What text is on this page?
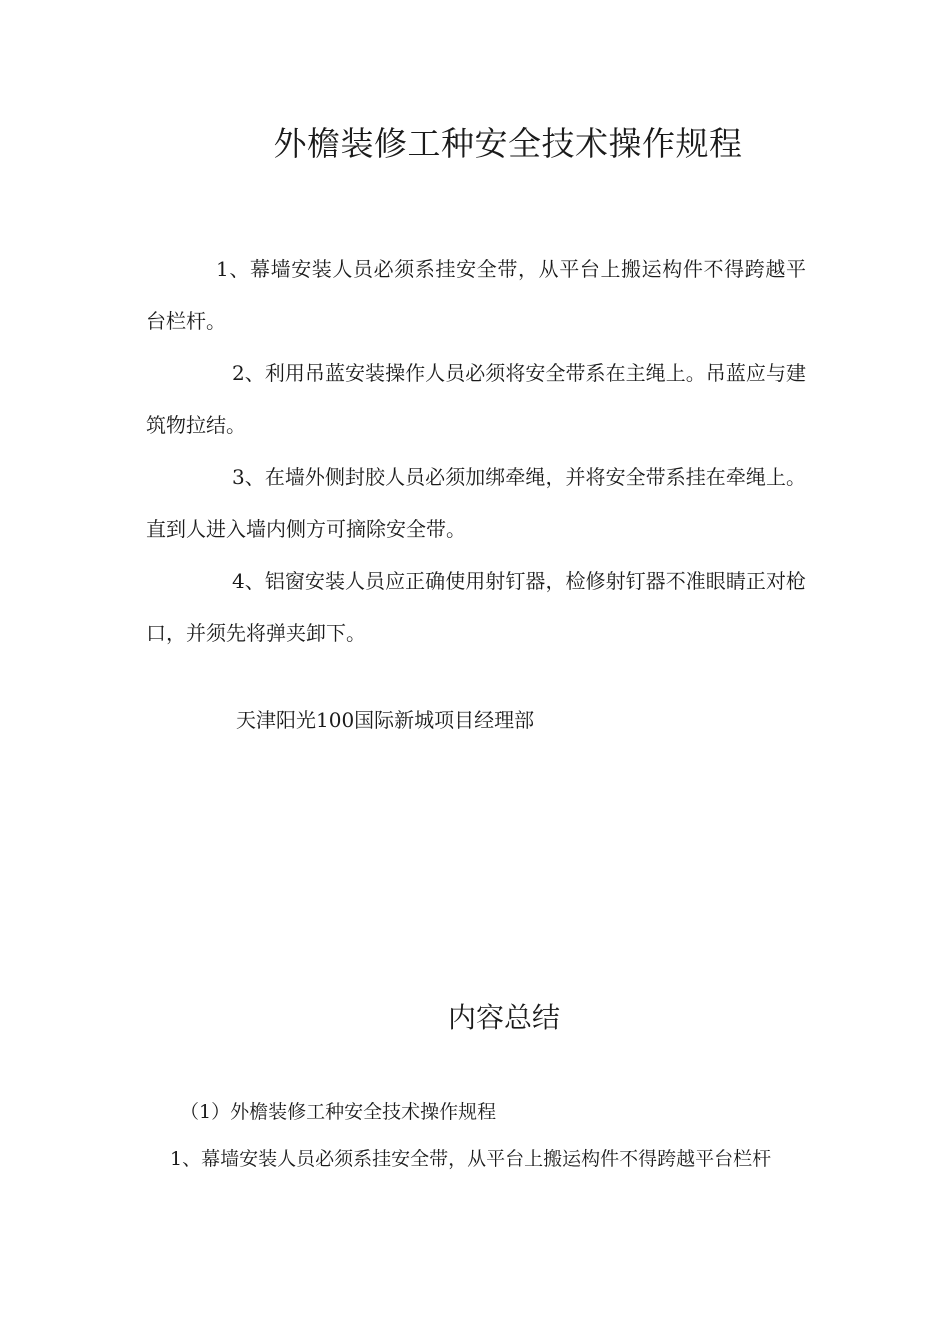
外檐装修工种安全技术操作规程

1、幕墙安装人员必须系挂安全带，从平台上搬运构件不得跨越平台栏杆。

2、利用吊蓝安装操作人员必须将安全带系在主绳上。吊蓝应与建筑物拉结。

3、在墙外侧封胶人员必须加绑牵绳，并将安全带系挂在牵绳上。直到人进入墙内侧方可摘除安全带。

4、铝窗安装人员应正确使用射钉器，检修射钉器不准眼睛正对枪口，并须先将弹夹卸下。

天津阳光100国际新城项目经理部
内容总结
（1）外檐装修工种安全技术操作规程

1、幕墙安装人员必须系挂安全带，从平台上搬运构件不得跨越平台栏杆
